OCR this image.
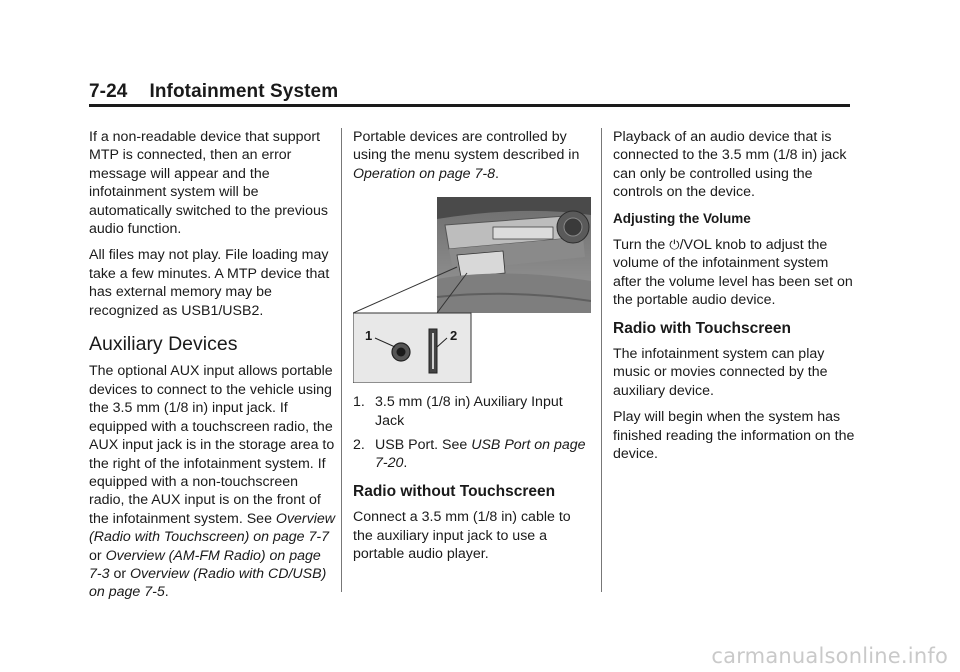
7-24 Infotainment System

If a non-readable device that support MTP is connected, then an error message will appear and the infotainment system will be automatically switched to the previous audio function.

All files may not play. File loading may take a few minutes. A MTP device that has external memory may be recognized as USB1/USB2.

Auxiliary Devices

The optional AUX input allows portable devices to connect to the vehicle using the 3.5 mm (1/8 in) input jack. If equipped with a touchscreen radio, the AUX input jack is in the storage area to the right of the infotainment system. If equipped with a non-touchscreen radio, the AUX input is on the front of the infotainment system. See Overview (Radio with Touchscreen) on page 7-7 or Overview (AM-FM Radio) on page 7-3 or Overview (Radio with CD/USB) on page 7-5.

Portable devices are controlled by using the menu system described in Operation on page 7-8.

1	2
1. 3.5 mm (1/8 in) Auxiliary Input Jack
2. USB Port. See USB Port on page 7-20.
Radio without Touchscreen

Connect a 3.5 mm (1/8 in) cable to the auxiliary input jack to use a portable audio player.

Playback of an audio device that is connected to the 3.5 mm (1/8 in) jack can only be controlled using the controls on the device.

Adjusting the Volume

Turn the ⏻/VOL knob to adjust the volume of the infotainment system after the volume level has been set on the portable audio device.

Radio with Touchscreen

The infotainment system can play music or movies connected by the auxiliary device.

Play will begin when the system has finished reading the information on the device.

carmanualsonline.info
